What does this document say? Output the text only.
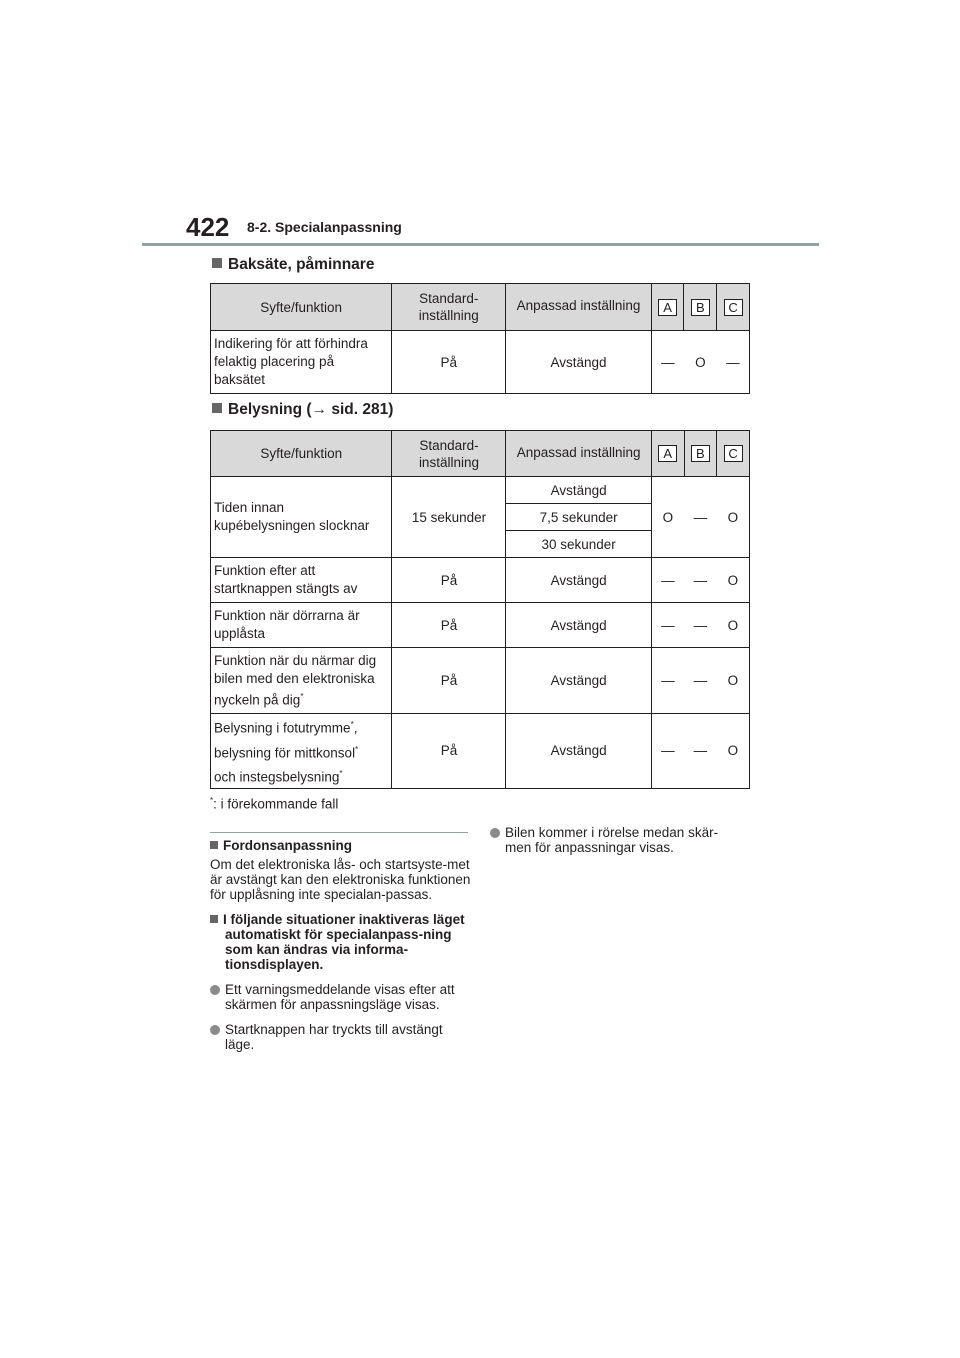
422 8-2. Specialanpassning
Baksäte, påminnare
Syfte/funktion	Standard-
inställning	Anpassad inställning	A	B	C
Indikering för att förhindra felaktig placering på baksätet	På	Avstängd	—	O	—
Belysning (→ sid. 281)
Syfte/funktion	Standard-
inställning	Anpassad inställning	A	B	C
Tiden innan kupébelysningen slocknar	15 sekunder	Avstängd	O	—	O
		7,5 sekunder			
		30 sekunder			
Funktion efter att startknappen stängts av	På	Avstängd	—	—	O
Funktion när dörrarna är upplåsta	På	Avstängd	—	—	O
Funktion när du närmar dig bilen med den elektroniska nyckeln på dig*	På	Avstängd	—	—	O
Belysning i fotutrymme*,
belysning för mittkonsol*
och instegsbelysning*	På	Avstängd	—	—	O
*: i förekommande fall
Fordonsanpassning
Om det elektroniska lås- och startsyste-met är avstängt kan den elektroniska funktionen för upplåsning inte specialan-passas.
I följande situationer inaktiveras läget automatiskt för specialanpass-ning som kan ändras via informa-tionsdisplayen.
Ett varningsmeddelande visas efter att skärmen för anpassningsläge visas.
Startknappen har tryckts till avstängt läge.
Bilen kommer i rörelse medan skär-men för anpassningar visas.
